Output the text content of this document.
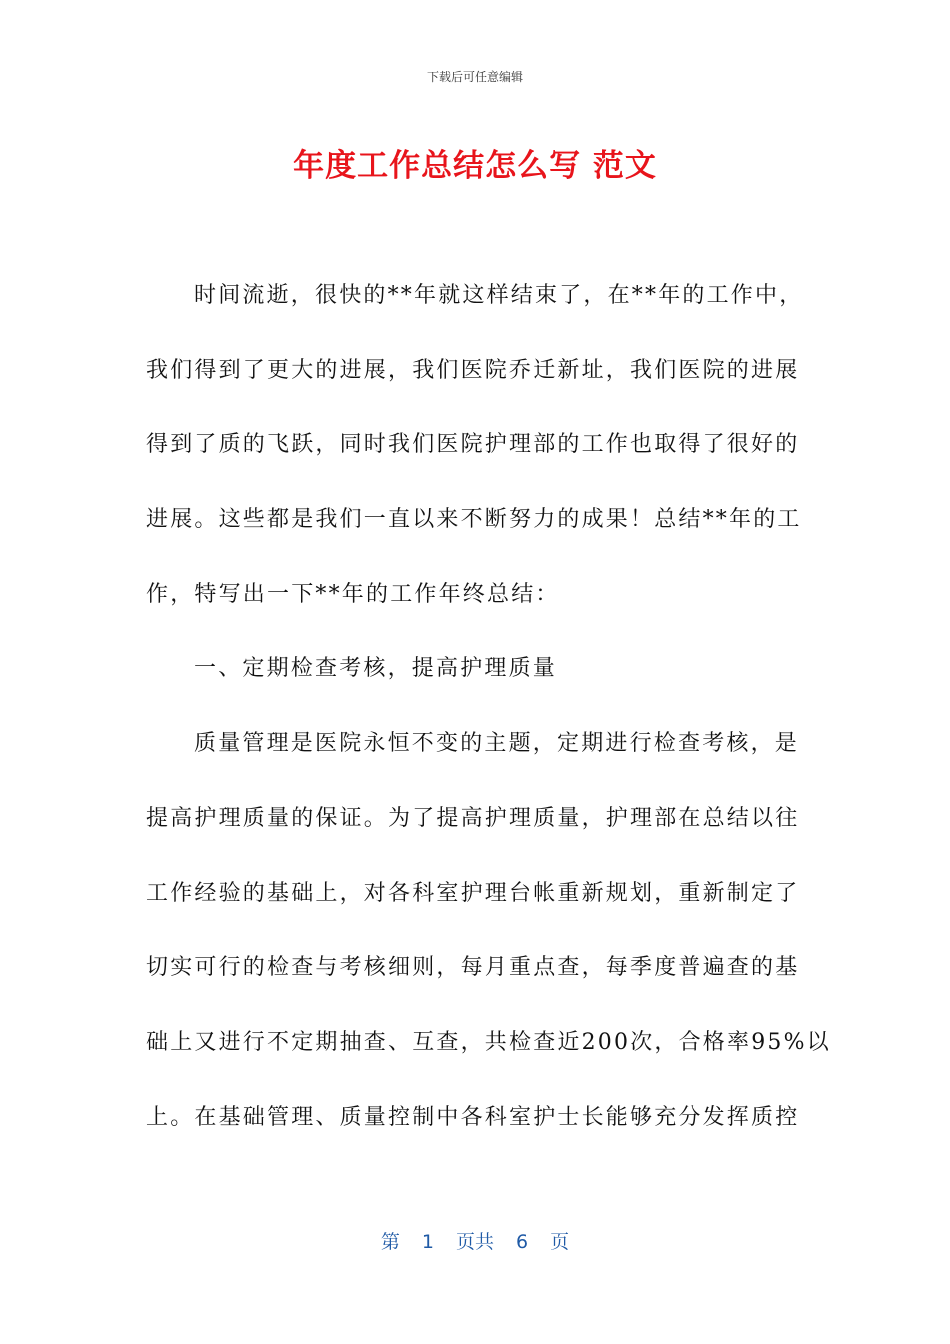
下载后可任意编辑
年度工作总结怎么写 范文
时间流逝，很快的**年就这样结束了，在**年的工作中，
我们得到了更大的进展，我们医院乔迁新址，我们医院的进展
得到了质的飞跃，同时我们医院护理部的工作也取得了很好的
进展。这些都是我们一直以来不断努力的成果！总结**年的工
作，特写出一下**年的工作年终总结：
一、定期检查考核，提高护理质量
质量管理是医院永恒不变的主题，定期进行检查考核，是
提高护理质量的保证。为了提高护理质量，护理部在总结以往
工作经验的基础上，对各科室护理台帐重新规划，重新制定了
切实可行的检查与考核细则，每月重点查，每季度普遍查的基
础上又进行不定期抽查、互查，共检查近200次，合格率95%以
上。在基础管理、质量控制中各科室护士长能够充分发挥质控
第 1 页共 6 页
